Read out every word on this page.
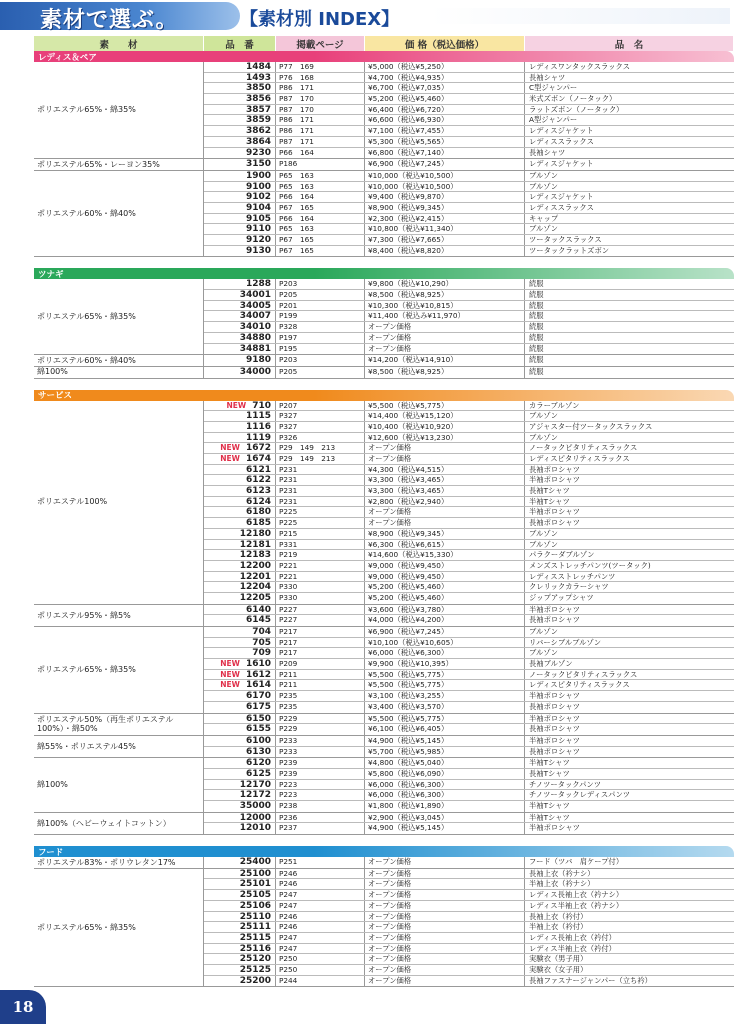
素材で選ぶ。	【素材別 INDEX】
素　　材	品　番	掲載ページ	価 格（税込価格）	品　名
レディス＆ペア
ポリエステル65%・綿35%
1484	P77　169	¥5,000（税込¥5,250）	レディスワンタックスラックス
1493	P76　168	¥4,700（税込¥4,935）	長袖シャツ
3850	P86　171	¥6,700（税込¥7,035）	C型ジャンパー
3856	P87　170	¥5,200（税込¥5,460）	米式ズボン（ノータック）
3857	P87　170	¥6,400（税込¥6,720）	ラットズボン（ノータック）
3859	P86　171	¥6,600（税込¥6,930）	A型ジャンパー
3862	P86　171	¥7,100（税込¥7,455）	レディスジャケット
3864	P87　171	¥5,300（税込¥5,565）	レディススラックス
9230	P66　164	¥6,800（税込¥7,140）	長袖シャツ
ポリエステル65%・レーヨン35%	3150	P186	¥6,900（税込¥7,245）	レディスジャケット
ポリエステル60%・綿40%
1900	P65　163	¥10,000（税込¥10,500）	ブルゾン
9100	P65　163	¥10,000（税込¥10,500）	ブルゾン
9102	P66　164	¥9,400（税込¥9,870）	レディスジャケット
9104	P67　165	¥8,900（税込¥9,345）	レディススラックス
9105	P66　164	¥2,300（税込¥2,415）	キャップ
9110	P65　163	¥10,800（税込¥11,340）	ブルゾン
9120	P67　165	¥7,300（税込¥7,665）	ツータックスラックス
9130	P67　165	¥8,400（税込¥8,820）	ツータックラットズボン
ツナギ
ポリエステル65%・綿35%
1288	P203	¥9,800（税込¥10,290）	続服
34001	P205	¥8,500（税込¥8,925）	続服
34005	P201	¥10,300（税込¥10,815）	続服
34007	P199	¥11,400（税込み¥11,970）	続服
34010	P328	オープン価格	続服
34880	P197	オープン価格	続服
34881	P195	オープン価格	続服
ポリエステル60%・綿40%	9180	P203	¥14,200（税込¥14,910）	続服
綿100%	34000	P205	¥8,500（税込¥8,925）	続服
サービス
ポリエステル100%
NEW 710	P207	¥5,500（税込¥5,775）	カラーブルゾン
1115	P327	¥14,400（税込¥15,120）	ブルゾン
1116	P327	¥10,400（税込¥10,920）	アジャスター付ツータックスラックス
1119	P326	¥12,600（税込¥13,230）	ブルゾン
NEW 1672	P29　149　213	オープン価格	ノータックピタリティスラックス
NEW 1674	P29　149　213	オープン価格	レディスピタリティスラックス
6121	P231	¥4,300（税込¥4,515）	長袖ポロシャツ
6122	P231	¥3,300（税込¥3,465）	半袖ポロシャツ
6123	P231	¥3,300（税込¥3,465）	長袖Tシャツ
6124	P231	¥2,800（税込¥2,940）	半袖Tシャツ
6180	P225	オープン価格	半袖ポロシャツ
6185	P225	オープン価格	長袖ポロシャツ
12180	P215	¥8,900（税込¥9,345）	ブルゾン
12181	P331	¥6,300（税込¥6,615）	ブルゾン
12183	P219	¥14,600（税込¥15,330）	パラクーダブルゾン
12200	P221	¥9,000（税込¥9,450）	メンズストレッチパンツ(ツータック)
12201	P221	¥9,000（税込¥9,450）	レディスストレッチパンツ
12204	P330	¥5,200（税込¥5,460）	クレリックカラーシャツ
12205	P330	¥5,200（税込¥5,460）	ジップアップシャツ
ポリエステル95%・綿5%
6140	P227	¥3,600（税込¥3,780）	半袖ポロシャツ
6145	P227	¥4,000（税込¥4,200）	長袖ポロシャツ
ポリエステル65%・綿35%
704	P217	¥6,900（税込¥7,245）	ブルゾン
705	P217	¥10,100（税込¥10,605）	リバーシブルブルゾン
709	P217	¥6,000（税込¥6,300）	ブルゾン
NEW 1610	P209	¥9,900（税込¥10,395）	長袖ブルゾン
NEW 1612	P211	¥5,500（税込¥5,775）	ノータックピタリティスラックス
NEW 1614	P211	¥5,500（税込¥5,775）	レディスピタリティスラックス
6170	P235	¥3,100（税込¥3,255）	半袖ポロシャツ
6175	P235	¥3,400（税込¥3,570）	長袖ポロシャツ
ポリエステル50%（再生ポリエステル100%）・綿50%
6150	P229	¥5,500（税込¥5,775）	半袖ポロシャツ
6155	P229	¥6,100（税込¥6,405）	長袖ポロシャツ
綿55%・ポリエステル45%
6100	P233	¥4,900（税込¥5,145）	半袖ポロシャツ
6130	P233	¥5,700（税込¥5,985）	長袖ポロシャツ
綿100%
6120	P239	¥4,800（税込¥5,040）	半袖Tシャツ
6125	P239	¥5,800（税込¥6,090）	長袖Tシャツ
12170	P223	¥6,000（税込¥6,300）	チノツータックパンツ
12172	P223	¥6,000（税込¥6,300）	チノツータックレディスパンツ
35000	P238	¥1,800（税込¥1,890）	半袖Tシャツ
綿100%（ヘビーウェイトコットン）
12000	P236	¥2,900（税込¥3,045）	半袖Tシャツ
12010	P237	¥4,900（税込¥5,145）	半袖ポロシャツ
フード
ポリエステル83%・ポリウレタン17%	25400	P251	オープン価格	フード（ツバ　肩ケープ付）
ポリエステル65%・綿35%
25100	P246	オープン価格	長袖上衣（衿ナシ）
25101	P246	オープン価格	半袖上衣（衿ナシ）
25105	P247	オープン価格	レディス長袖上衣（衿ナシ）
25106	P247	オープン価格	レディス半袖上衣（衿ナシ）
25110	P246	オープン価格	長袖上衣（衿付）
25111	P246	オープン価格	半袖上衣（衿付）
25115	P247	オープン価格	レディス長袖上衣（衿付）
25116	P247	オープン価格	レディス半袖上衣（衿付）
25120	P250	オープン価格	実験衣（男子用）
25125	P250	オープン価格	実験衣（女子用）
25200	P244	オープン価格	長袖ファスナージャンパー（立ち衿）
18
